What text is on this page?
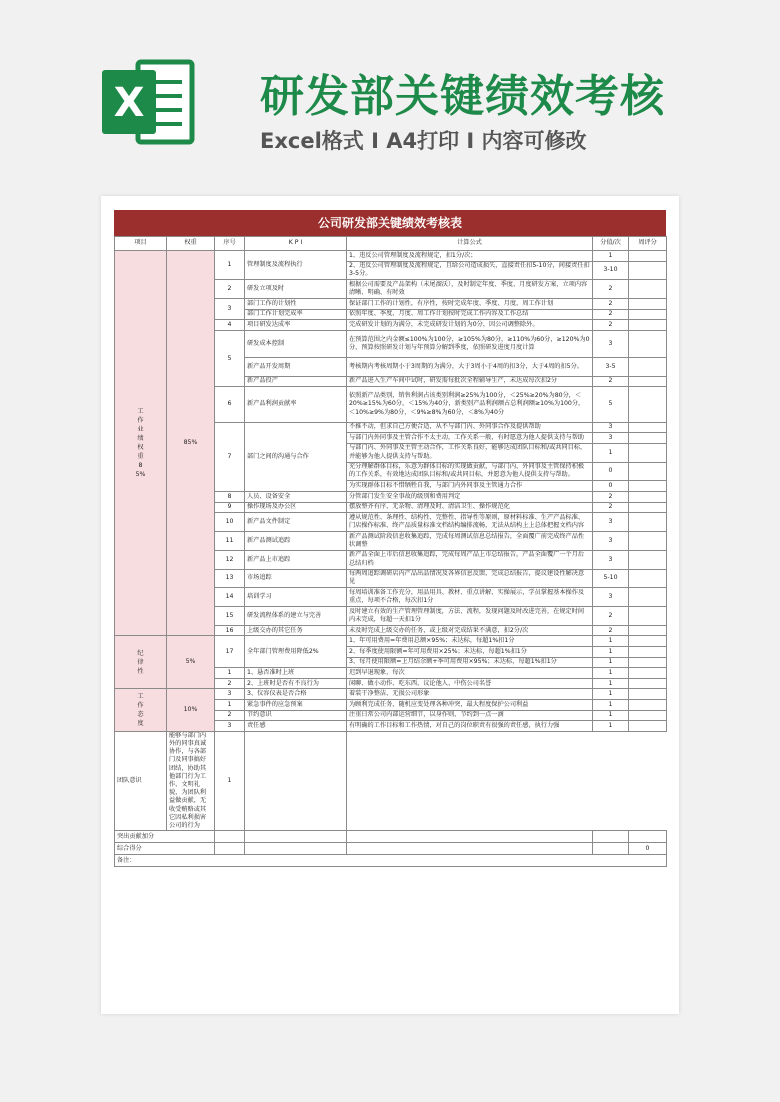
X	研发部关键绩效考核
Excel格式 I A4打印 I 内容可修改
公司研发部关键绩效考核表
项目	权重	序号	K P I	计算公式	分值/次	周评分
工作业绩 权重85%	85%	1	管理制度及流程执行	1、违反公司管理制度及流程规定，扣1分/次；	1	
				2、违反公司管理制度及流程规定，且给公司造成损失，直接责任扣5-10分，间接责任扣3-5分。	3-10	
		2	研发立项及时	根据公司需要及产品架构（未尾溜沃），及时制定年度、季度、月度研发方案，立项内容清晰、明确、有时效	2	
		3	部门工作的计划性	保证部门工作的计划性，有序性，按时完成年度、季度、月度、周工作计划	2	
			部门工作计划完成率	依照年度、季度、月度、周工作计划按时完成工作内容及工作总结	2	
		4	项目研发达成率	完成研发计划的为满分，未完成研发计划的为0分，因公司调整除外。	2	
		5	研发成本控制	在预算范围之内金额≤100%为100分，≥105%为80分，≥110%为60分，≥120%为0分，预算按照研发计划与年预算分解到季度，依照研发进度月度计算	3	
			新产品开发周期	考核期内考核周期小于3周期的为满分，大于3周小于4周的扣3分，大于4周的扣5分。	3-5	
			新产品投产	新产品进入生产车间中试时，研发需每批次全程辅导生产，未达成每次扣2分	2	
		6	新产品利润贡献率	依照新产品类别，销售利润占该类别利润≥25%为100分，＜25%≥20%为80分，＜20%≥15%为60分，＜15%为40分，新类别产品利润额占总利润额≥10%为100分，＜10%≥9%为80分，＜9%≥8%为60分，＜8%为40分	5	
		7	部门之间的沟通与合作	不推不动，但求自己方便合适，从不与部门内、外同事合作及提供帮助	3	
				与部门内外同事及主管合作不太主动，工作关系一般，有时愿意为他人提供支持与帮助	3	
				与部门内、外同事及主管主动合作，工作关系良好，能够达成团队目标和/或共同目标，并能够为他人提供支持与帮助。	1	
				充分理解群体目标，乐意为群体目标的实现做贡献，与部门内、外同事及主管保持积极的工作关系，有效地达成团队目标和/或共同目标，并愿意为他人提供支持与帮助。	0	
				为实现群体目标不惜牺牲自我，与部门内外同事及主管通力合作	0	
		8	人员、设备安全	分管部门发生安全事故的级别和费用判定	2	
		9	操作现场及办公区	摆放整齐有序、无杂物、清理及时、清洁卫生、操作规范化	2	
		10	新产品文件制定	遵从规范性、条理性、结构性、完整性、指导性等原则，原材料标准、生产产品标准、门店操作标准、终产品质量标准文档结构编排流畅，无法从结构上上总体把握文档内容	3	
		11	新产品测试追踪	新产品测试阶段信息收集追踪，完成每周测试信息总结报告，全面覆广前完成终产品性状调整	3	
		12	新产品上市追踪	新产品全面上市后信息收集追踪，完成每周产品上市总结报告，产品全面覆广一个月后总结归档	3	
		13	市场追踪	每两周追踪调研店内产品出品情况及各界信息反馈，完成总结报告，提议建设性解决意见	5-10	
		14	培训学习	每周培训准备工作充分，用品用具、教材、重点讲解、实操展示，学员掌握基本操作及重点，每项不合格，每次扣1分	3	
		15	研发流程体系的建立与完善	及时建立有效的生产管理管理制度，方法、流程，发现问题及时改进完善，在规定时间内未完成，每超一天扣1分	2	
		16	上级交办的其它任务	未及时完成上级交办的任务，或上级对完成结果不满意，扣2分/次	2	
纪律性	5%	17	全年部门管理费用降低2%	1、年可用费用=年费用总额×95%；未达标，每超1%扣1分	1	
				2、每季度使用限额=年可用费用×25%；未达标，每超1%扣1分	1	
				3、每月使用限额=上月结余额+季可用费用×95%；未达标，每超1%扣1分	1	
		1	1、悬否准时上班	迟到早退现象，每次	1	
		2	2、上班时是否有不良行为	闲聊、做小动作、吃东西、议论他人、中伤公司名誉	1	
工作态度	10%	3	3、仪容仪表是否合格	着装干净整洁、无损公司形象	1	
		1	紧急事件的应急预案	为顾利完成任务，随机应变处理各种冲突，最大程度保护公司利益	1	
		2	节约意识	注重日常公司内部运营细节，以身作则，节约到一点一滴	1	
		3	责任感	有明确的工作目标和工作热情，对自己的岗位职责有很强的责任感，执行力强	1	
团队意识	能够与部门内外的同事真诚协作，与各部门及同事搞好团结，协助其他部门行为工作，文明礼貌，为团队利益做贡献，无收受贿赂或其它因私利损害公司的行为	1				
突出贡献加分						
综合得分						0
备注：						
